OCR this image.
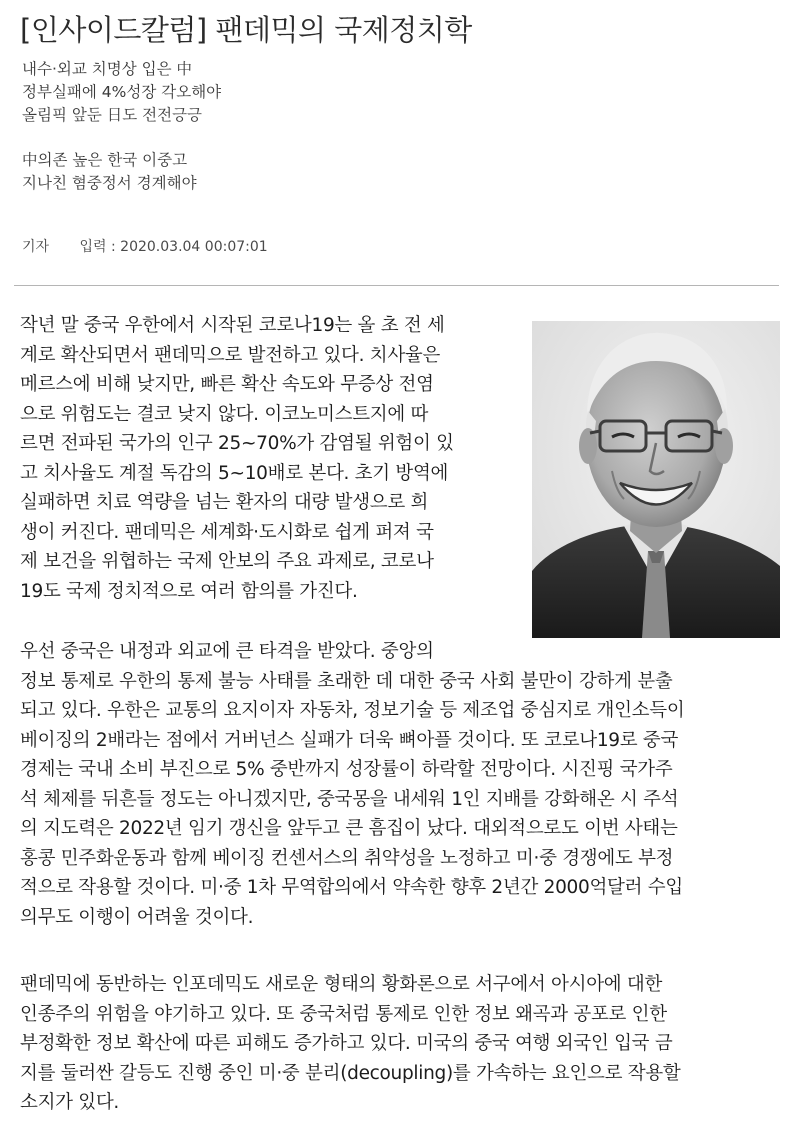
[인사이드칼럼] 팬데믹의 국제정치학
내수·외교 치명상 입은 中
정부실패에 4%성장 각오해야
올림픽 앞둔 日도 전전긍긍
中의존 높은 한국 이중고
지나친 혐중정서 경계해야
기자 입력 : 2020.03.04 00:07:01
작년 말 중국 우한에서 시작된 코로나19는 올 초 전 세
계로 확산되면서 팬데믹으로 발전하고 있다. 치사율은
메르스에 비해 낮지만, 빠른 확산 속도와 무증상 전염
으로 위험도는 결코 낮지 않다. 이코노미스트지에 따
르면 전파된 국가의 인구 25~70%가 감염될 위험이 있
고 치사율도 계절 독감의 5~10배로 본다. 초기 방역에
실패하면 치료 역량을 넘는 환자의 대량 발생으로 희
생이 커진다. 팬데믹은 세계화·도시화로 쉽게 퍼져 국
제 보건을 위협하는 국제 안보의 주요 과제로, 코로나
19도 국제 정치적으로 여러 함의를 가진다.
우선 중국은 내정과 외교에 큰 타격을 받았다. 중앙의
정보 통제로 우한의 통제 불능 사태를 초래한 데 대한 중국 사회 불만이 강하게 분출
되고 있다. 우한은 교통의 요지이자 자동차, 정보기술 등 제조업 중심지로 개인소득이
베이징의 2배라는 점에서 거버넌스 실패가 더욱 뼈아플 것이다. 또 코로나19로 중국
경제는 국내 소비 부진으로 5% 중반까지 성장률이 하락할 전망이다. 시진핑 국가주
석 체제를 뒤흔들 정도는 아니겠지만, 중국몽을 내세워 1인 지배를 강화해온 시 주석
의 지도력은 2022년 임기 갱신을 앞두고 큰 흠집이 났다. 대외적으로도 이번 사태는
홍콩 민주화운동과 함께 베이징 컨센서스의 취약성을 노정하고 미·중 경쟁에도 부정
적으로 작용할 것이다. 미·중 1차 무역합의에서 약속한 향후 2년간 2000억달러 수입
의무도 이행이 어려울 것이다.
팬데믹에 동반하는 인포데믹도 새로운 형태의 황화론으로 서구에서 아시아에 대한
인종주의 위험을 야기하고 있다. 또 중국처럼 통제로 인한 정보 왜곡과 공포로 인한
부정확한 정보 확산에 따른 피해도 증가하고 있다. 미국의 중국 여행 외국인 입국 금
지를 둘러싼 갈등도 진행 중인 미·중 분리(decoupling)를 가속하는 요인으로 작용할
소지가 있다.
